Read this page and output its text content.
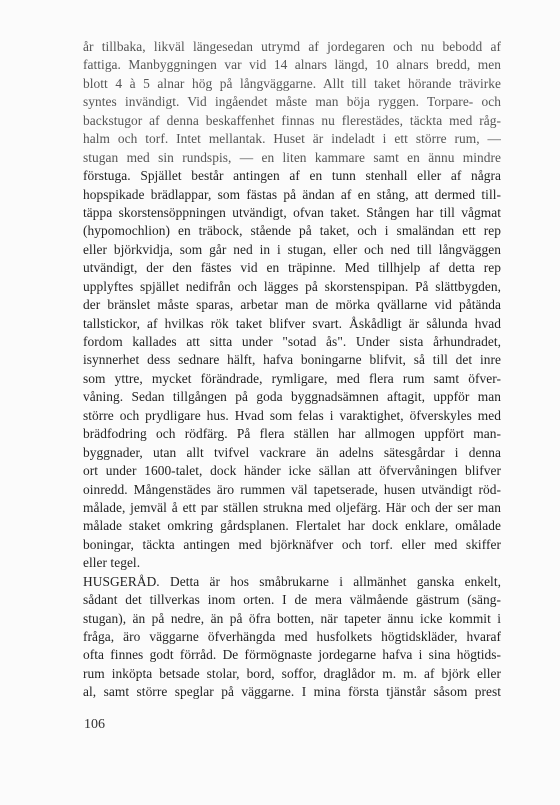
år tillbaka, likväl längesedan utrymd af jordegaren och nu bebodd af
fattiga. Manbyggningen var vid 14 alnars längd, 10 alnars bredd, men
blott 4 à 5 alnar hög på långväggarne. Allt till taket hörande trävirke
syntes invändigt. Vid ingåendet måste man böja ryggen. Torpare- och
backstugor af denna beskaffenhet finnas nu flerestädes, täckta med råg-
halm och torf. Intet mellantak. Huset är indeladt i ett större rum, —
stugan med sin rundspis, — en liten kammare samt en ännu mindre
förstuga. Spjället består antingen af en tunn stenhall eller af några
hopspikade brädlappar, som fästas på ändan af en stång, att dermed till-
täppa skorstensöppningen utvändigt, ofvan taket. Stången har till vågmat
(hypomochlion) en träbock, stående på taket, och i smaländan ett rep
eller björkvidja, som går ned in i stugan, eller och ned till långväggen
utvändigt, der den fästes vid en träpinne. Med tillhjelp af detta rep
upplyftes spjället nedifrån och lägges på skorstenspipan. På slättbygden,
der bränslet måste sparas, arbetar man de mörka qvällarne vid påtända
tallstickor, af hvilkas rök taket blifver svart. Åskådligt är sålunda hvad
fordom kallades att sitta under "sotad ås". Under sista århundradet,
isynnerhet dess sednare hälft, hafva boningarne blifvit, så till det inre
som yttre, mycket förändrade, rymligare, med flera rum samt öfver-
våning. Sedan tillgången på goda byggnadsämnen aftagit, uppför man
större och prydligare hus. Hvad som felas i varaktighet, öfverskyles med
brädfodring och rödfärg. På flera ställen har allmogen uppfört man-
byggnader, utan allt tvifvel vackrare än adelns sätesgårdar i denna
ort under 1600-talet, dock händer icke sällan att öfvervåningen blifver
oinredd. Mångenstädes äro rummen väl tapetserade, husen utvändigt röd-
målade, jemväl å ett par ställen strukna med oljefärg. Här och der ser man
målade staket omkring gårdsplanen. Flertalet har dock enklare, omålade
boningar, täckta antingen med björknäfver och torf. eller med skiffer
eller tegel.
HUSGERÅD. Detta är hos småbrukarne i allmänhet ganska enkelt,
sådant det tillverkas inom orten. I de mera välmående gästrum (säng-
stugan), än på nedre, än på öfra botten, när tapeter ännu icke kommit i
fråga, äro väggarne öfverhängda med husfolkets högtidskläder, hvaraf
ofta finnes godt förråd. De förmögnaste jordegarne hafva i sina högtids-
rum inköpta betsade stolar, bord, soffor, draglådor m. m. af björk eller
al, samt större speglar på väggarne. I mina första tjänstår såsom prest
106
